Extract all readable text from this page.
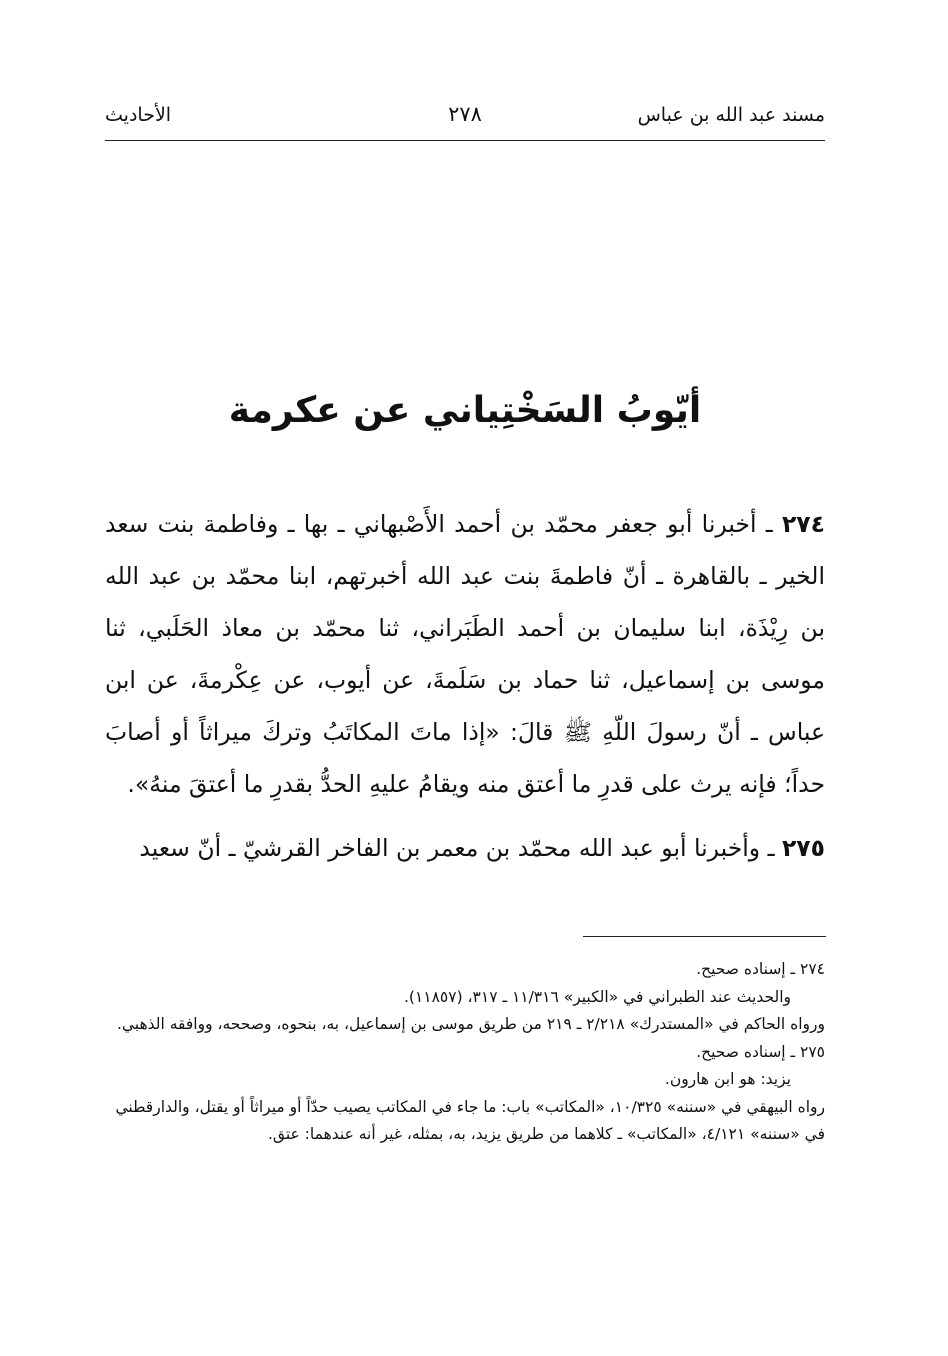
مسند عبد الله بن عباس
٢٧٨
الأحاديث
أيّوبُ السَخْتِياني عن عكرمة

٢٧٤ ـ أخبرنا أبو جعفر محمّد بن أحمد الأَصْبهاني ـ بها ـ وفاطمة بنت سعد الخير ـ بالقاهرة ـ أنّ فاطمةَ بنت عبد الله أخبرتهم، ابنا محمّد بن عبد الله بن رِيْذَة، ابنا سليمان بن أحمد الطَبَراني، ثنا محمّد بن معاذ الحَلَبي، ثنا موسى بن إسماعيل، ثنا حماد بن سَلَمةَ، عن أيوب، عن عِكْرمةَ، عن ابن عباس ـ أنّ رسولَ اللّهِ ﷺ قالَ: «إذا ماتَ المكاتَبُ وتركَ ميراثاً أو أصابَ حداً؛ فإنه يرث على قدرِ ما أعتق منه ويقامُ عليهِ الحدُّ بقدرِ ما أعتقَ منهُ».

٢٧٥ ـ وأخبرنا أبو عبد الله محمّد بن معمر بن الفاخر القرشيّ ـ أنّ سعيد

٢٧٤ ـ إسناده صحيح.

والحديث عند الطبراني في «الكبير» ١١/٣١٦ ـ ٣١٧، (١١٨٥٧).

ورواه الحاكم في «المستدرك» ٢/٢١٨ ـ ٢١٩ من طريق موسى بن إسماعيل، به، بنحوه، وصححه، ووافقه الذهبي.

٢٧٥ ـ إسناده صحيح.

يزيد: هو ابن هارون.

رواه البيهقي في «سننه» ١٠/٣٢٥، «المكاتب» باب: ما جاء في المكاتب يصيب حدّاً أو ميراثاً أو يقتل، والدارقطني في «سننه» ٤/١٢١، «المكاتب» ـ كلاهما من طريق يزيد، به، بمثله، غير أنه عندهما: عتق.
